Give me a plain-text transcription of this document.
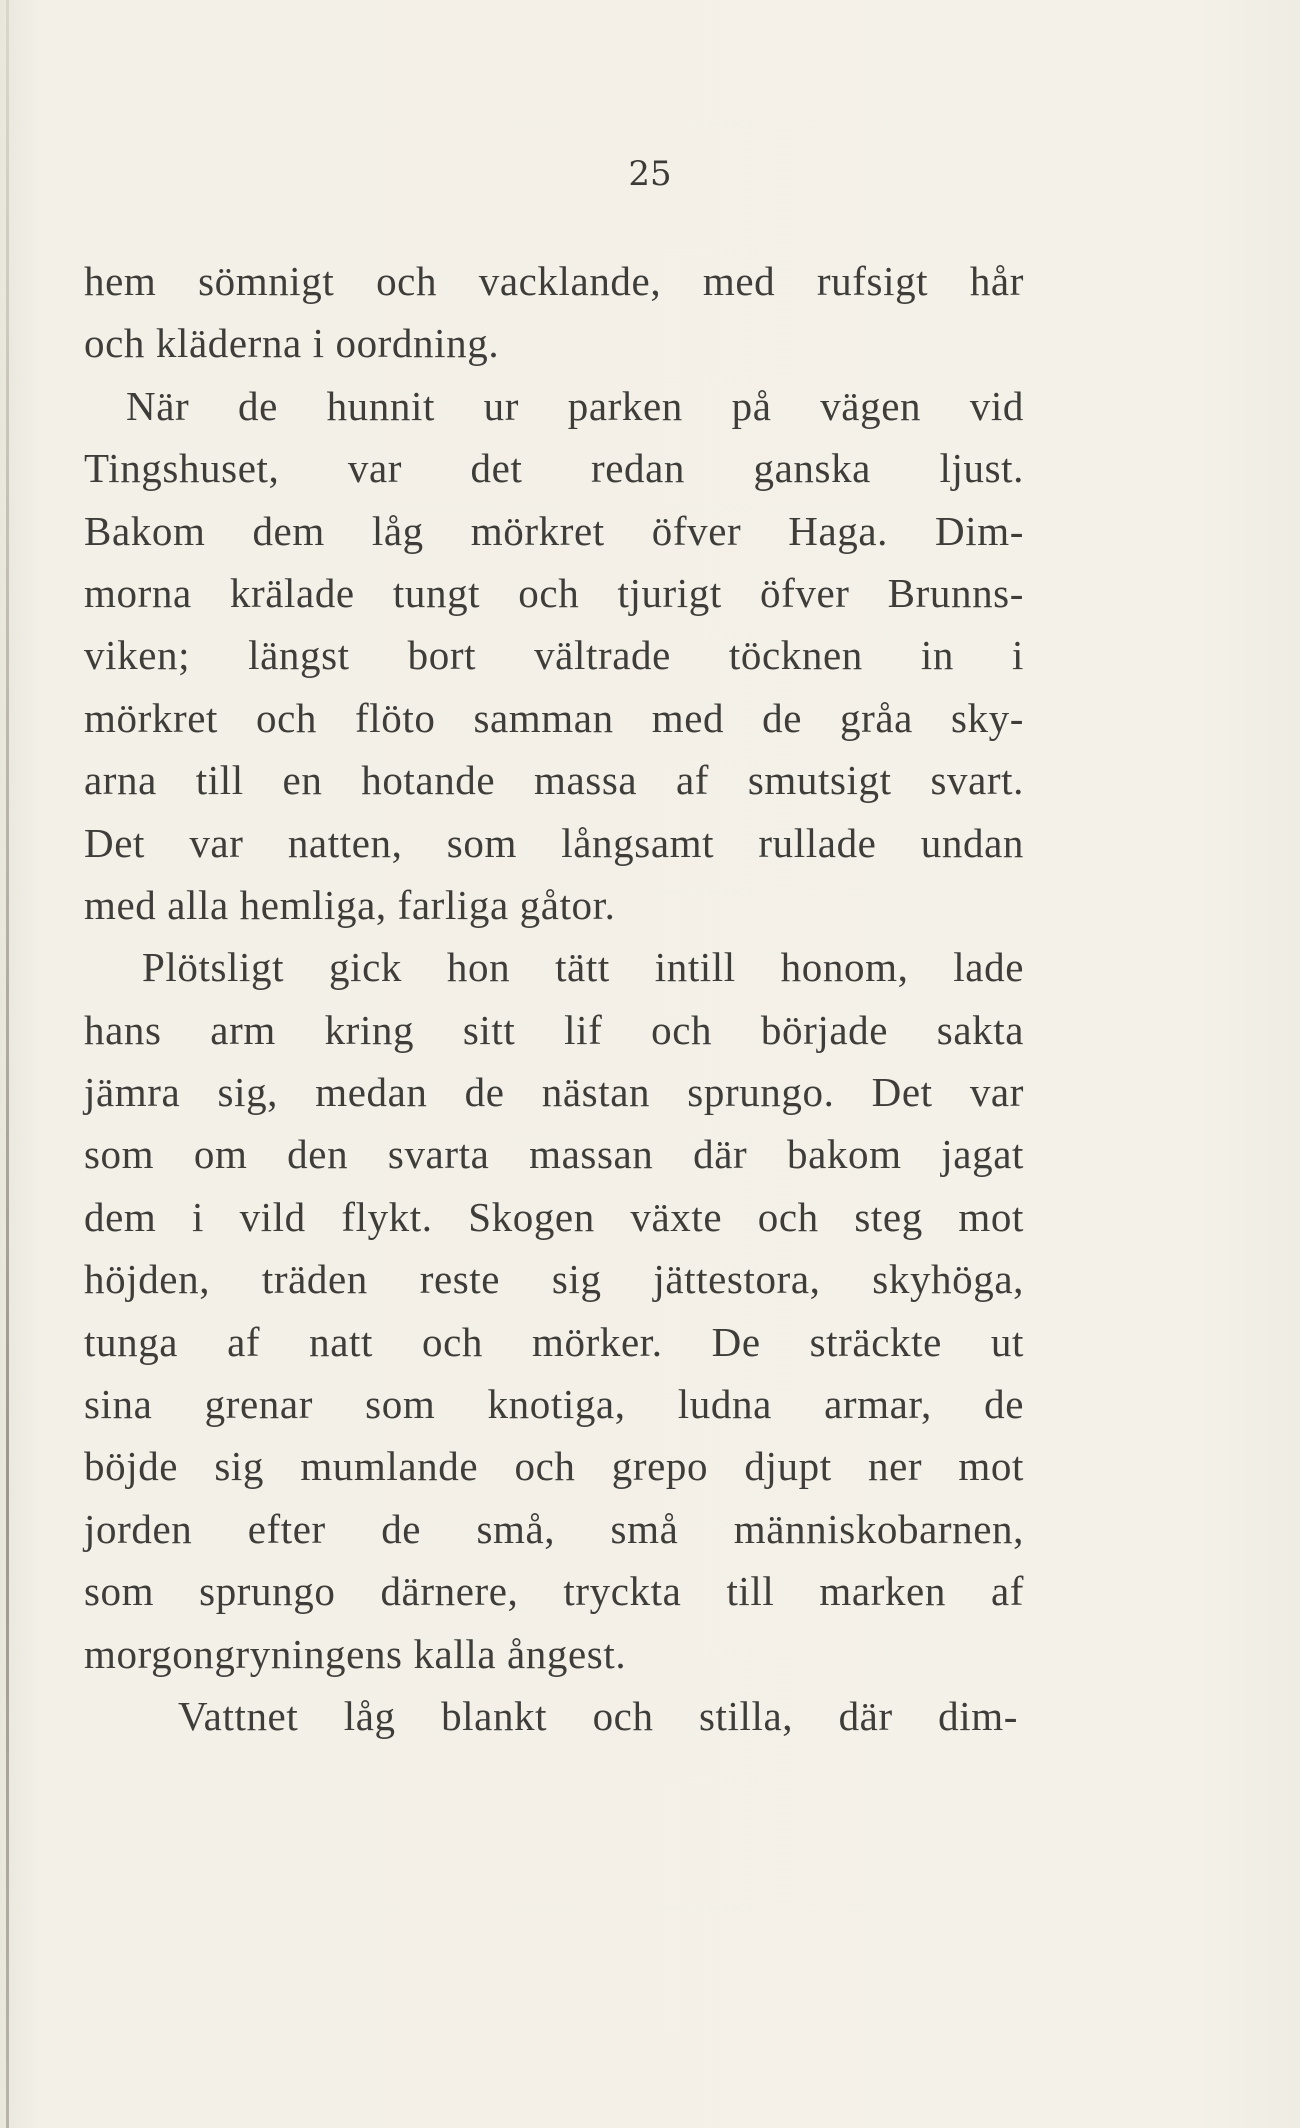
25

hem sömnigt och vacklande, med rufsigt hår
och kläderna i oordning.
När de hunnit ur parken på vägen vid
Tingshuset, var det redan ganska ljust.
Bakom dem låg mörkret öfver Haga. Dim-
morna krälade tungt och tjurigt öfver Brunns-
viken; längst bort vältrade töcknen in i
mörkret och flöto samman med de gråa sky-
arna till en hotande massa af smutsigt svart.
Det var natten, som långsamt rullade undan
med alla hemliga, farliga gåtor.
Plötsligt gick hon tätt intill honom, lade
hans arm kring sitt lif och började sakta
jämra sig, medan de nästan sprungo. Det var
som om den svarta massan där bakom jagat
dem i vild flykt. Skogen växte och steg mot
höjden, träden reste sig jättestora, skyhöga,
tunga af natt och mörker. De sträckte ut
sina grenar som knotiga, ludna armar, de
böjde sig mumlande och grepo djupt ner mot
jorden efter de små, små människobarnen,
som sprungo därnere, tryckta till marken af
morgongryningens kalla ångest.
Vattnet låg blankt och stilla, där dim-
